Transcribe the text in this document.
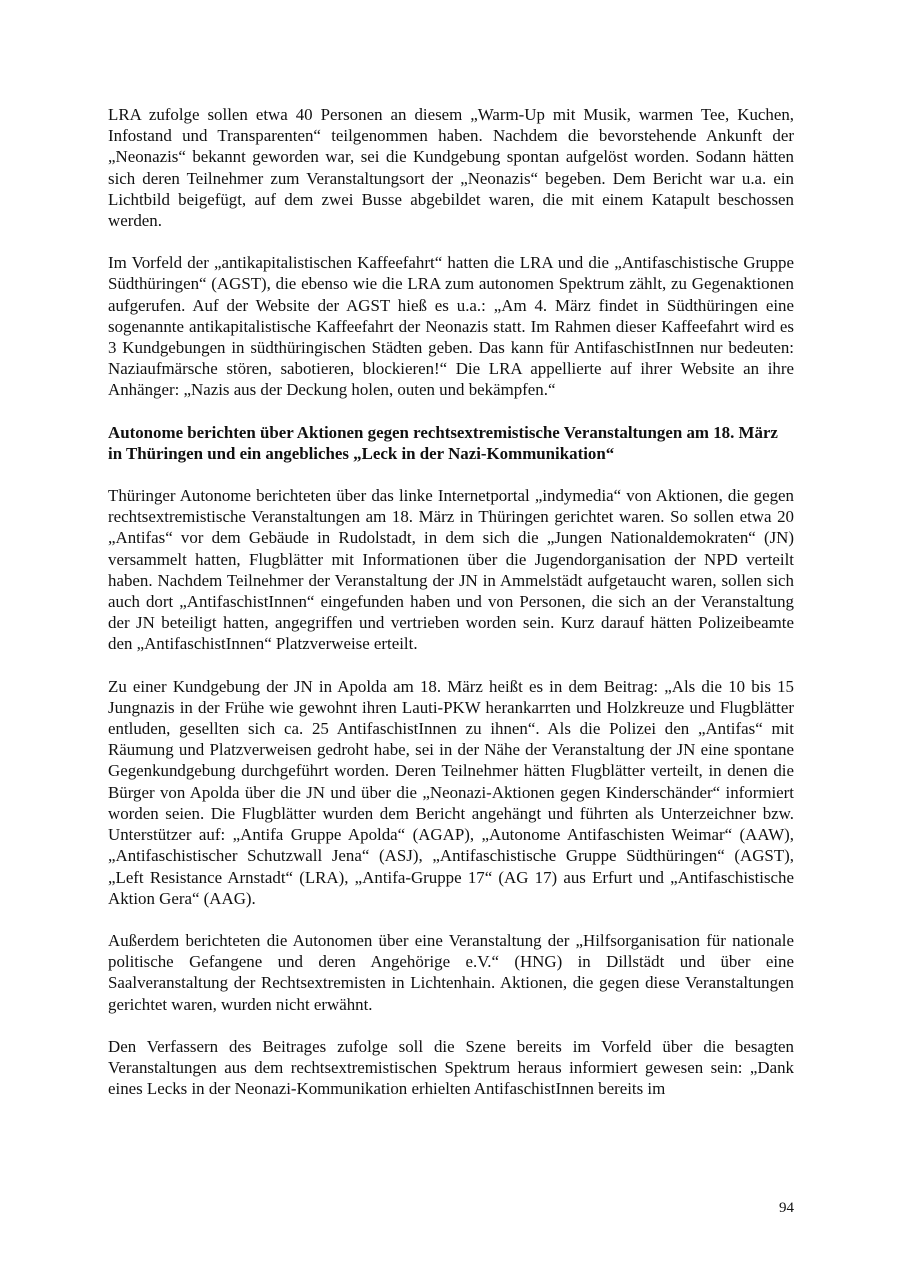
LRA zufolge sollen etwa 40 Personen an diesem „Warm-Up mit Musik, warmen Tee, Kuchen, Infostand und Transparenten“ teilgenommen haben. Nachdem die bevorstehende Ankunft der „Neonazis“ bekannt geworden war, sei die Kundgebung spontan aufgelöst worden. Sodann hätten sich deren Teilnehmer zum Veranstaltungsort der „Neonazis“ begeben. Dem Bericht war u.a. ein Lichtbild beigefügt, auf dem zwei Busse abgebildet waren, die mit einem Katapult beschossen werden.

Im Vorfeld der „antikapitalistischen Kaffeefahrt“ hatten die LRA und die „Antifaschistische Gruppe Südthüringen“ (AGST), die ebenso wie die LRA zum autonomen Spektrum zählt, zu Gegenaktionen aufgerufen. Auf der Website der AGST hieß es u.a.: „Am 4. März findet in Südthüringen eine sogenannte antikapitalistische Kaffeefahrt der Neonazis statt. Im Rahmen dieser Kaffeefahrt wird es 3 Kundgebungen in südthüringischen Städten geben. Das kann für AntifaschistInnen nur bedeuten: Naziaufmärsche stören, sabotieren, blockieren!“ Die LRA appellierte auf ihrer Website an ihre Anhänger: „Nazis aus der Deckung holen, outen und bekämpfen.“

Autonome berichten über Aktionen gegen rechtsextremistische Veranstaltungen am 18. März in Thüringen und ein angebliches „Leck in der Nazi-Kommunikation“

Thüringer Autonome berichteten über das linke Internetportal „indymedia“ von Aktionen, die gegen rechtsextremistische Veranstaltungen am 18. März in Thüringen gerichtet waren. So sollen etwa 20 „Antifas“ vor dem Gebäude in Rudolstadt, in dem sich die „Jungen Nationaldemokraten“ (JN) versammelt hatten, Flugblätter mit Informationen über die Jugendorganisation der NPD verteilt haben. Nachdem Teilnehmer der Veranstaltung der JN in Ammelstädt aufgetaucht waren, sollen sich auch dort „AntifaschistInnen“ eingefunden haben und von Personen, die sich an der Veranstaltung der JN beteiligt hatten, angegriffen und vertrieben worden sein. Kurz darauf hätten Polizeibeamte den „AntifaschistInnen“ Platzverweise erteilt.

Zu einer Kundgebung der JN in Apolda am 18. März heißt es in dem Beitrag: „Als die 10 bis 15 Jungnazis in der Frühe wie gewohnt ihren Lauti-PKW herankarrten und Holzkreuze und Flugblätter entluden, gesellten sich ca. 25 AntifaschistInnen zu ihnen“. Als die Polizei den „Antifas“ mit Räumung und Platzverweisen gedroht habe, sei in der Nähe der Veranstaltung der JN eine spontane Gegenkundgebung durchgeführt worden. Deren Teilnehmer hätten Flugblätter verteilt, in denen die Bürger von Apolda über die JN und über die „Neonazi-Aktionen gegen Kinderschänder“ informiert worden seien. Die Flugblätter wurden dem Bericht angehängt und führten als Unterzeichner bzw. Unterstützer auf: „Antifa Gruppe Apolda“ (AGAP), „Autonome Antifaschisten Weimar“ (AAW), „Antifaschistischer Schutzwall Jena“ (ASJ), „Antifaschistische Gruppe Südthüringen“ (AGST), „Left Resistance Arnstadt“ (LRA), „Antifa-Gruppe 17“ (AG 17) aus Erfurt und „Antifaschistische Aktion Gera“ (AAG).

Außerdem berichteten die Autonomen über eine Veranstaltung der „Hilfsorganisation für nationale politische Gefangene und deren Angehörige e.V.“ (HNG) in Dillstädt und über eine Saalveranstaltung der Rechtsextremisten in Lichtenhain. Aktionen, die gegen diese Veranstaltungen gerichtet waren, wurden nicht erwähnt.

Den Verfassern des Beitrages zufolge soll die Szene bereits im Vorfeld über die besagten Veranstaltungen aus dem rechtsextremistischen Spektrum heraus informiert gewesen sein: „Dank eines Lecks in der Neonazi-Kommunikation erhielten AntifaschistInnen bereits im

94
